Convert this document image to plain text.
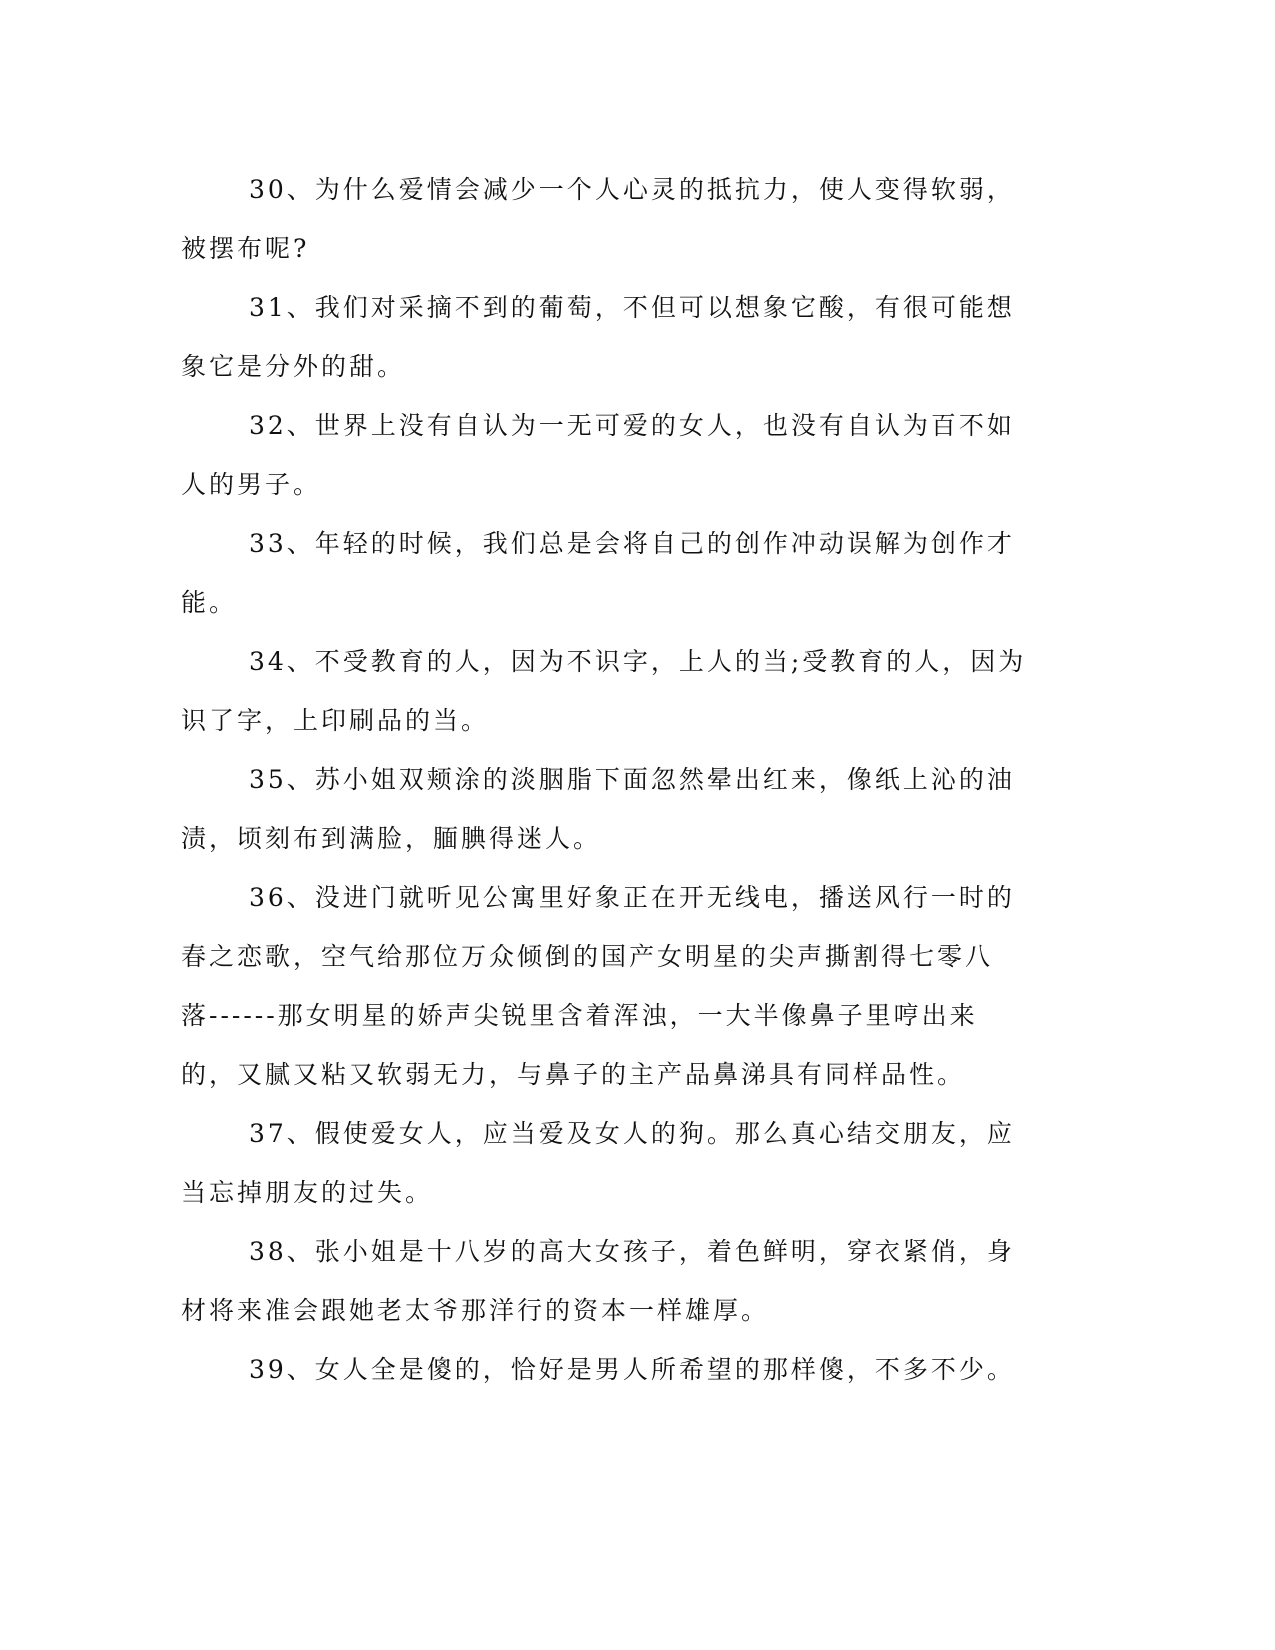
30、为什么爱情会减少一个人心灵的抵抗力，使人变得软弱，被摆布呢?

31、我们对采摘不到的葡萄，不但可以想象它酸，有很可能想象它是分外的甜。

32、世界上没有自认为一无可爱的女人，也没有自认为百不如人的男子。

33、年轻的时候，我们总是会将自己的创作冲动误解为创作才能。

34、不受教育的人，因为不识字，上人的当;受教育的人，因为识了字，上印刷品的当。

35、苏小姐双颊涂的淡胭脂下面忽然晕出红来，像纸上沁的油渍，顷刻布到满脸，腼腆得迷人。

36、没进门就听见公寓里好象正在开无线电，播送风行一时的春之恋歌，空气给那位万众倾倒的国产女明星的尖声撕割得七零八落------那女明星的娇声尖锐里含着浑浊，一大半像鼻子里哼出来的，又腻又粘又软弱无力，与鼻子的主产品鼻涕具有同样品性。

37、假使爱女人，应当爱及女人的狗。那么真心结交朋友，应当忘掉朋友的过失。

38、张小姐是十八岁的高大女孩子，着色鲜明，穿衣紧俏，身材将来准会跟她老太爷那洋行的资本一样雄厚。

39、女人全是傻的，恰好是男人所希望的那样傻，不多不少。
